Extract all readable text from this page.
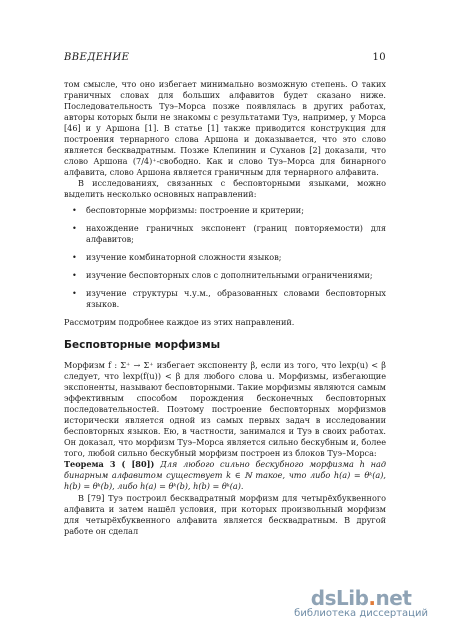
ВВЕДЕНИЕ	10

том смысле, что оно избегает минимально возможную степень. О таких граничных словах для больших алфавитов будет сказано ниже. Последовательность Туэ–Морса позже появлялась в других работах, авторы которых были не знакомы с результатами Туэ, например, у Морса [46] и у Аршона [1]. В статье [1] также приводится конструкция для построения тернарного слова Аршона и доказывается, что это слово является бесквадратным. Позже Клепинин и Суханов [2] доказали, что слово Аршона (7/4)⁺-свободно. Как и слово Туэ–Морса для бинарного алфавита, слово Аршона является граничным для тернарного алфавита.

В исследованиях, связанных с бесповторными языками, можно выделить несколько основных направлений:

• бесповторные морфизмы: построение и критерии;
• нахождение граничных экспонент (границ повторяемости) для алфавитов;
• изучение комбинаторной сложности языков;
• изучение бесповторных слов с дополнительными ограничениями;
• изучение структуры ч.у.м., образованных словами бесповторных языков.

Рассмотрим подробнее каждое из этих направлений.

Бесповторные морфизмы

Морфизм f : Σ⁺ → Σ⁺ избегает экспоненту β, если из того, что lexp(u) < β следует, что lexp(f(u)) < β для любого слова u. Морфизмы, избегающие экспоненты, называют бесповторными. Такие морфизмы являются самым эффективным способом порождения бесконечных бесповторных последовательностей. Поэтому построение бесповторных морфизмов исторически является одной из самых первых задач в исследовании бесповторных языков. Ею, в частности, занимался и Туэ в своих работах. Он доказал, что морфизм Туэ–Морса является сильно бескубным и, более того, любой сильно бескубный морфизм построен из блоков Туэ–Морса:

Теорема 3 ( [80]) Для любого сильно бескубного морфизма h над бинарным алфавитом существует k ∈ ℕ такое, что либо h(a) = θᵏ(a), h(b) = θᵏ(b), либо h(a) = θᵏ(b), h(b) = θᵏ(a).

В [79] Туэ построил бесквадратный морфизм для четырёхбуквенного алфавита и затем нашёл условия, при которых произвольный морфизм для четырёхбуквенного алфавита является бесквадратным. В другой работе он сделал

dsLib.net
библиотека диссертаций
